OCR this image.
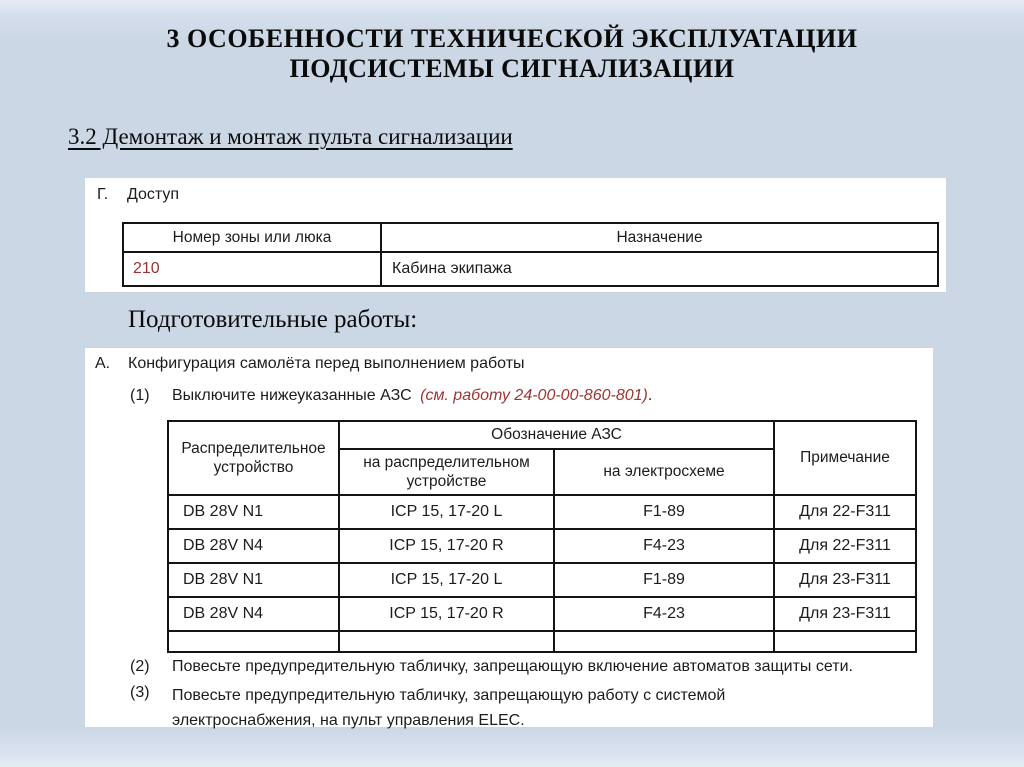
3 ОСОБЕННОСТИ ТЕХНИЧЕСКОЙ ЭКСПЛУАТАЦИИ
ПОДСИСТЕМЫ СИГНАЛИЗАЦИИ
3.2 Демонтаж и монтаж пульта сигнализации
Г. Доступ
Номер зоны или люка	Назначение
210	Кабина экипажа
Подготовительные работы:
А. Конфигурация самолёта перед выполнением работы
(1) Выключите нижеуказанные АЗС (см. работу 24-00-00-860-801).
Распределительное устройство	Обозначение АЗС		Примечание
	на распределительном устройстве	на электросхеме	
DB 28V N1	ICP 15, 17-20 L	F1-89	Для 22-F311
DB 28V N4	ICP 15, 17-20 R	F4-23	Для 22-F311
DB 28V N1	ICP 15, 17-20 L	F1-89	Для 23-F311
DB 28V N4	ICP 15, 17-20 R	F4-23	Для 23-F311

(2) Повесьте предупредительную табличку, запрещающую включение автоматов защиты сети.
(3) Повесьте предупредительную табличку, запрещающую работу с системой электроснабжения, на пульт управления ELEC.
